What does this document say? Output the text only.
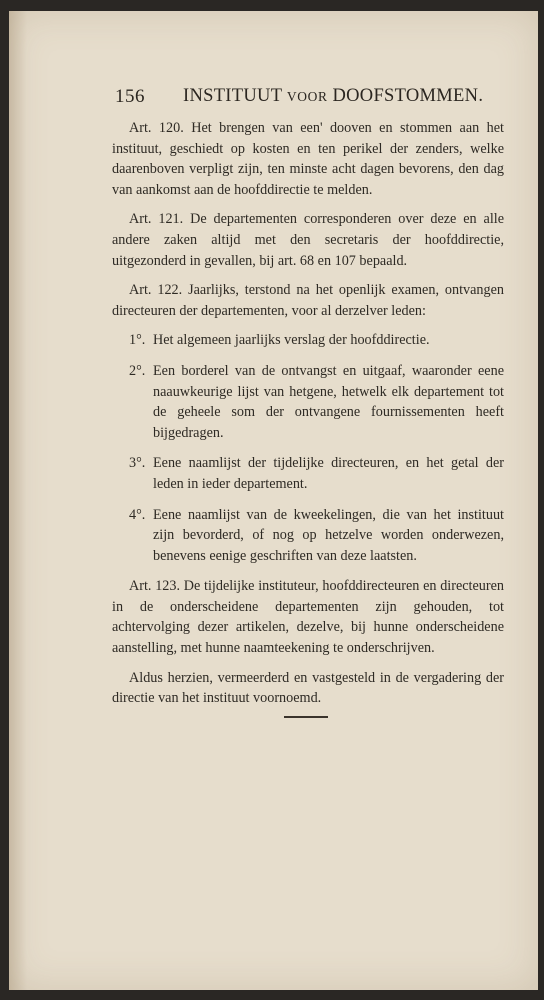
156 INSTITUUT VOOR DOOFSTOMMEN.

Art. 120. Het brengen van een' dooven en stommen aan het instituut, geschiedt op kosten en ten perikel der zenders, welke daarenboven verpligt zijn, ten minste acht dagen bevorens, den dag van aankomst aan de hoofddirectie te melden.

Art. 121. De departementen corresponderen over deze en alle andere zaken altijd met den secretaris der hoofddirectie, uitgezonderd in gevallen, bij art. 68 en 107 bepaald.

Art. 122. Jaarlijks, terstond na het openlijk examen, ontvangen directeuren der departementen, voor al derzelver leden:

1°. Het algemeen jaarlijks verslag der hoofddirectie.

2°. Een borderel van de ontvangst en uitgaaf, waaronder eene naauwkeurige lijst van hetgene, hetwelk elk departement tot de geheele som der ontvangene fournissementen heeft bijgedragen.

3°. Eene naamlijst der tijdelijke directeuren, en het getal der leden in ieder departement.

4°. Eene naamlijst van de kweekelingen, die van het instituut zijn bevorderd, of nog op hetzelve worden onderwezen, benevens eenige geschriften van deze laatsten.

Art. 123. De tijdelijke instituteur, hoofddirecteuren en directeuren in de onderscheidene departementen zijn gehouden, tot achtervolging dezer artikelen, dezelve, bij hunne onderscheidene aanstelling, met hunne naamteekening te onderschrijven.

Aldus herzien, vermeerderd en vastgesteld in de vergadering der directie van het instituut voornoemd.
